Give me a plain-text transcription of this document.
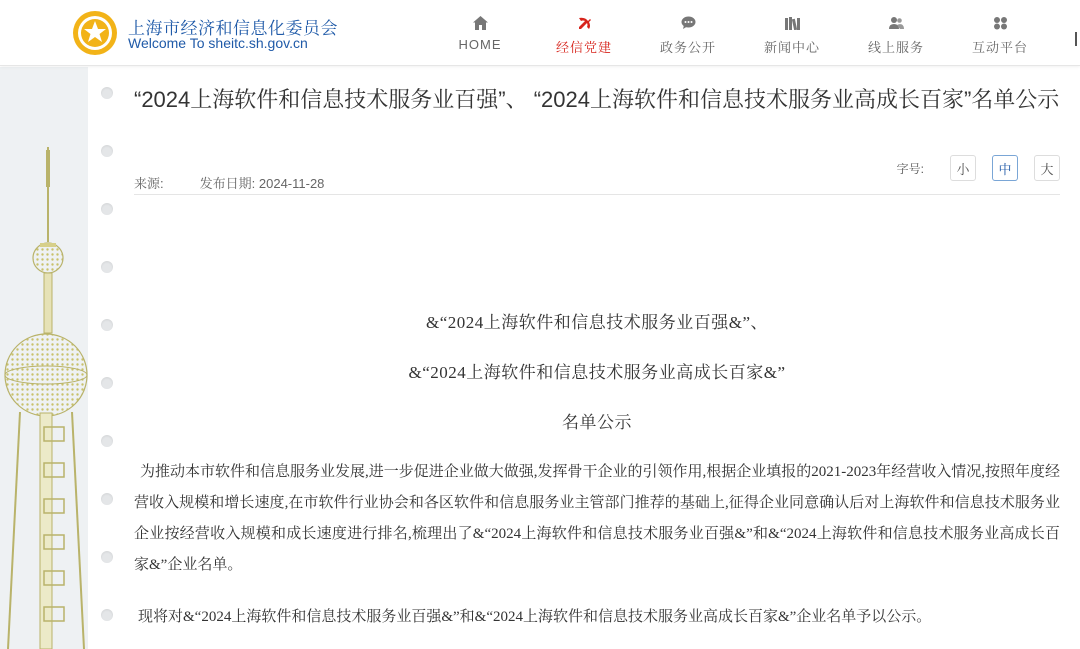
上海市经济和信息化委员会
Welcome To sheitc.sh.gov.cn	HOME	经信党建	政务公开	新闻中心	线上服务	互动平台
“2024上海软件和信息技术服务业百强”、 “2024上海软件和信息技术服务业高成长百家”名单公示
来源:	发布日期: 2024-11-28
字号:	小	中	大
&“2024上海软件和信息技术服务业百强&”、
&“2024上海软件和信息技术服务业高成长百家&”
名单公示

为推动本市软件和信息服务业发展,进一步促进企业做大做强,发挥骨干企业的引领作用,根据企业填报的2021-2023年经营收入情况,按照年度经营收入规模和增长速度,在市软件行业协会和各区软件和信息服务业主管部门推荐的基础上,征得企业同意确认后对上海软件和信息技术服务业企业按经营收入规模和成长速度进行排名,梳理出了&“2024上海软件和信息技术服务业百强&”和&“2024上海软件和信息技术服务业高成长百家&”企业名单。

现将对&“2024上海软件和信息技术服务业百强&”和&“2024上海软件和信息技术服务业高成长百家&”企业名单予以公示。
